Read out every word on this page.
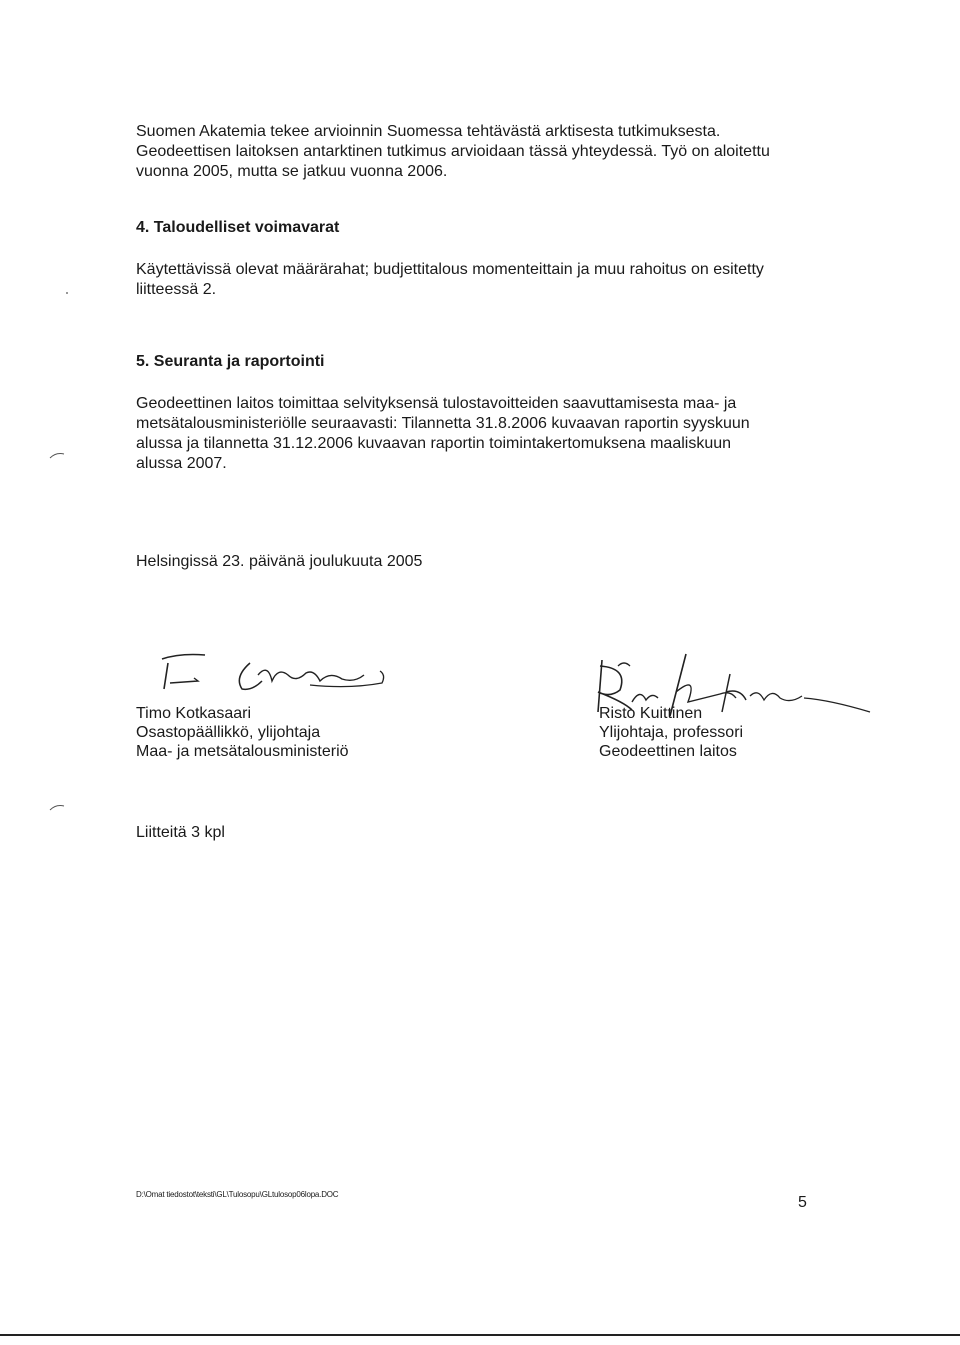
Suomen Akatemia tekee arvioinnin Suomessa tehtävästä arktisesta tutkimuksesta.
Geodeettisen laitoksen antarktinen tutkimus arvioidaan tässä yhteydessä. Työ on aloitettu
vuonna 2005, mutta se jatkuu vuonna 2006.

4. Taloudelliset voimavarat

Käytettävissä olevat määrärahat; budjettitalous momenteittain ja muu rahoitus on esitetty
liitteessä 2.

5. Seuranta ja raportointi

Geodeettinen laitos toimittaa selvityksensä tulostavoitteiden saavuttamisesta maa- ja
metsätalousministeriölle seuraavasti: Tilannetta 31.8.2006 kuvaavan raportin syyskuun
alussa ja tilannetta 31.12.2006 kuvaavan raportin toimintakertomuksena maaliskuun
alussa 2007.

Helsingissä 23. päivänä joulukuuta 2005

Timo Kotkasaari
Osastopäällikkö, ylijohtaja
Maa- ja metsätalousministeriö
Risto Kuittinen
Ylijohtaja, professori
Geodeettinen laitos

Liitteitä 3 kpl

D:\Omat tiedostot\teksti\GL\Tulosopu\GLtulosop06lopa.DOC	5
